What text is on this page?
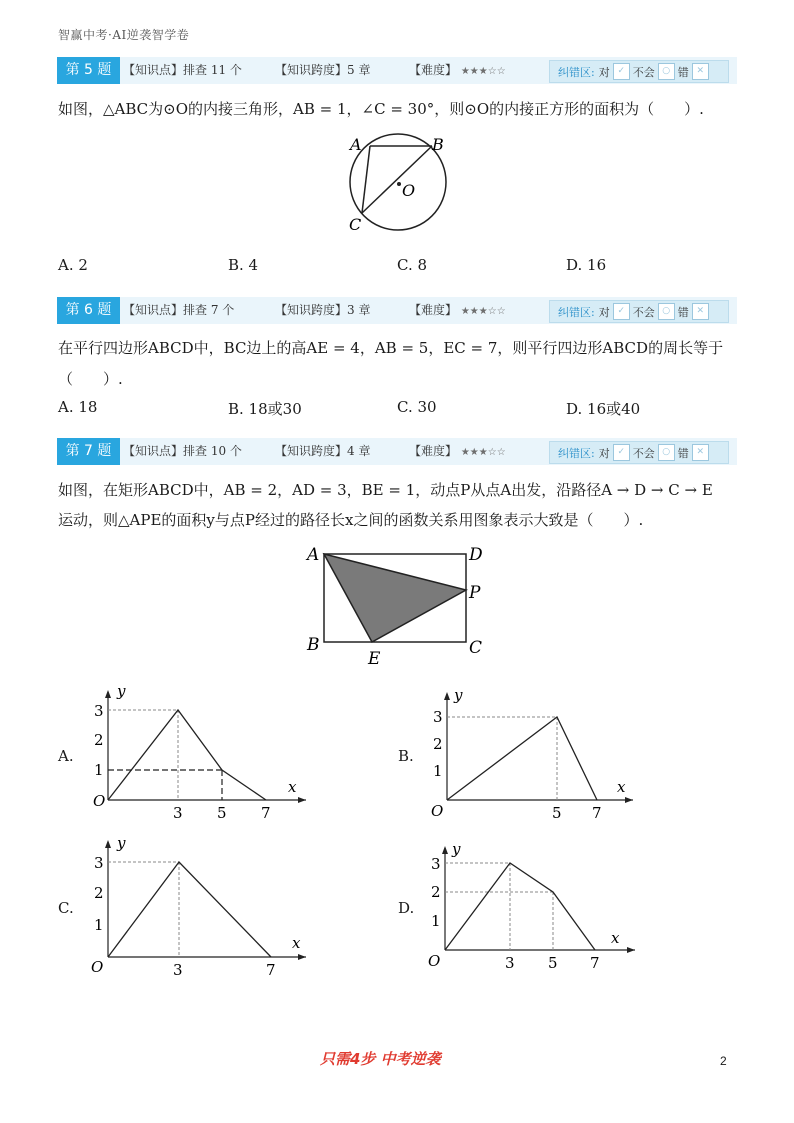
智赢中考·AI逆袭智学卷
第 5 题 【知识点】排查 11 个	【知识跨度】5 章	【难度】 ★★★☆☆	纠错区: 对 ✓ 不会 ○ 错 ✕
如图，△ABC为⊙O的内接三角形，AB = 1，∠C = 30°，则⊙O的内接正方形的面积为（　　）.
A	B
C
O
A. 2	B. 4	C. 8	D. 16
第 6 题 【知识点】排查 7 个	【知识跨度】3 章	【难度】 ★★★☆☆	纠错区: 对 ✓ 不会 ○ 错 ✕
在平行四边形ABCD中，BC边上的高AE = 4，AB = 5，EC = 7，则平行四边形ABCD的周长等于
（　　）.
A. 18	B. 18或30	C. 30	D. 16或40
第 7 题 【知识点】排查 10 个	【知识跨度】4 章	【难度】 ★★★☆☆	纠错区: 对 ✓ 不会 ○ 错 ✕
如图，在矩形ABCD中，AB = 2，AD = 3，BE = 1，动点P从点A出发，沿路径A → D → C → E
运动，则△APE的面积y与点P经过的路径长x之间的函数关系用图象表示大致是（　　）.
A	D
P
B	C
E
A.
O
y
x
1
2
3
3 5 7
B.
O
y
x
1
2
3
5 7
C.
O
y
x
1
2
3
3	7
D.
O
y
x
1
2
3
3 5 7
只需4步 中考逆袭	2
